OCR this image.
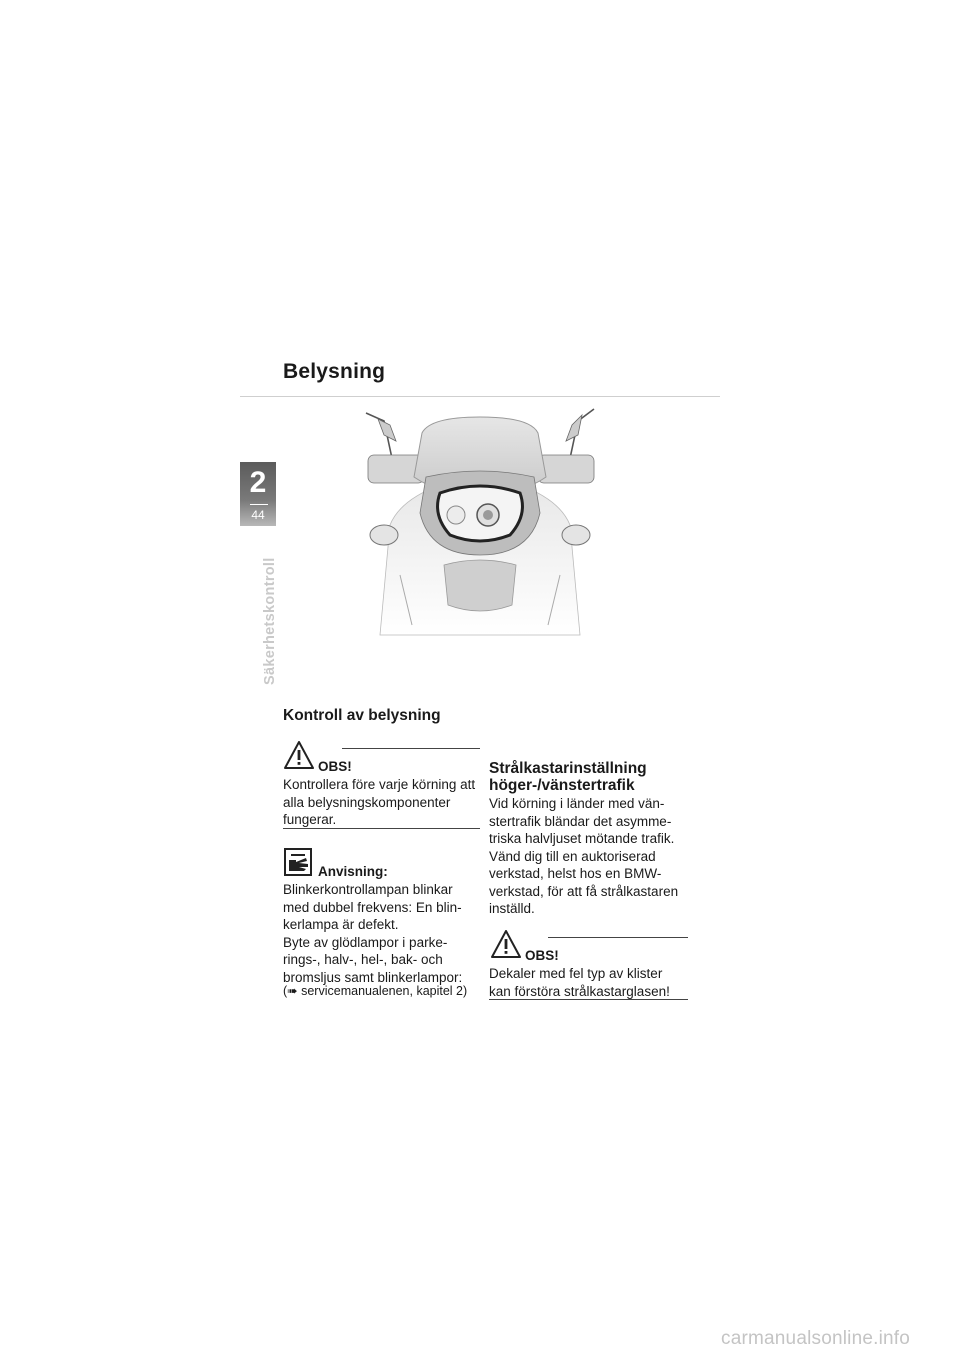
Belysning
2
44
Säkerhetskontroll
Kontroll av belysning
OBS!
Kontrollera före varje körning att
alla belysningskomponenter
fungerar.
Anvisning:
Blinkerkontrollampan blinkar
med dubbel frekvens: En blin-
kerlampa är defekt.
Byte av glödlampor i parke-
rings-, halv-, hel-, bak- och
bromsljus samt blinkerlampor:
(➠ servicemanualenen, kapitel 2)
Strålkastarinställning
höger-/vänstertrafik
Vid körning i länder med vän-
stertrafik bländar det asymme-
triska halvljuset mötande trafik.
Vänd dig till en auktoriserad
verkstad, helst hos en BMW-
verkstad, för att få strålkastaren
inställd.
OBS!
Dekaler med fel typ av klister
kan förstöra strålkastarglasen!
carmanualsonline.info
